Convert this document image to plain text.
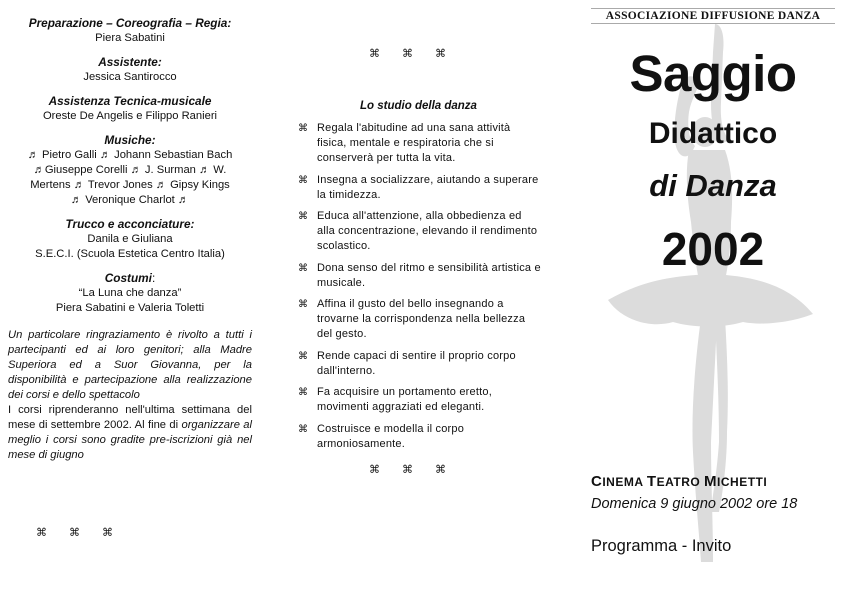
Preparazione – Coreografia – Regia:
Piera Sabatini
Assistente:
Jessica Santirocco
Assistenza Tecnica-musicale
Oreste De Angelis e Filippo Ranieri
Musiche:
♬ Pietro Galli ♬ Johann Sebastian Bach
♬Giuseppe Corelli ♬ J. Surman ♬ W.
Mertens ♬ Trevor Jones ♬ Gipsy Kings
♬ Veronique Charlot ♬
Trucco e acconciature:
Danila e Giuliana
S.E.C.I. (Scuola Estetica Centro Italia)
Costumi:
“La Luna che danza”
Piera Sabatini e Valeria Toletti
Un particolare ringraziamento è rivolto a tutti i partecipanti ed ai loro genitori; alla Madre Superiora ed a Suor Giovanna, per la disponibilità e partecipazione alla realizzazione dei corsi e dello spettacolo
I corsi riprenderanno nell'ultima settimana del mese di settembre 2002. Al fine di organizzare al meglio i corsi sono gradite pre-iscrizioni già nel mese di giugno
⌘⌘⌘
⌘⌘⌘
Lo studio della danza
⌘ Regala l'abitudine ad una sana attività fisica, mentale e respiratoria che si conserverà per tutta la vita.
⌘ Insegna a socializzare, aiutando a superare la timidezza.
⌘ Educa all'attenzione, alla obbedienza ed alla concentrazione, elevando il rendimento scolastico.
⌘ Dona senso del ritmo e sensibilità artistica e musicale.
⌘ Affina il gusto del bello insegnando a trovarne la corrispondenza nella bellezza del gesto.
⌘ Rende capaci di sentire il proprio corpo dall'interno.
⌘ Fa acquisire un portamento eretto, movimenti aggraziati ed eleganti.
⌘ Costruisce e modella il corpo armoniosamente.
⌘⌘⌘
ASSOCIAZIONE DIFFUSIONE DANZA
Saggio
Didattico
di Danza
2002
CINEMA TEATRO MICHETTI
Domenica 9 giugno 2002 ore 18
Programma - Invito
